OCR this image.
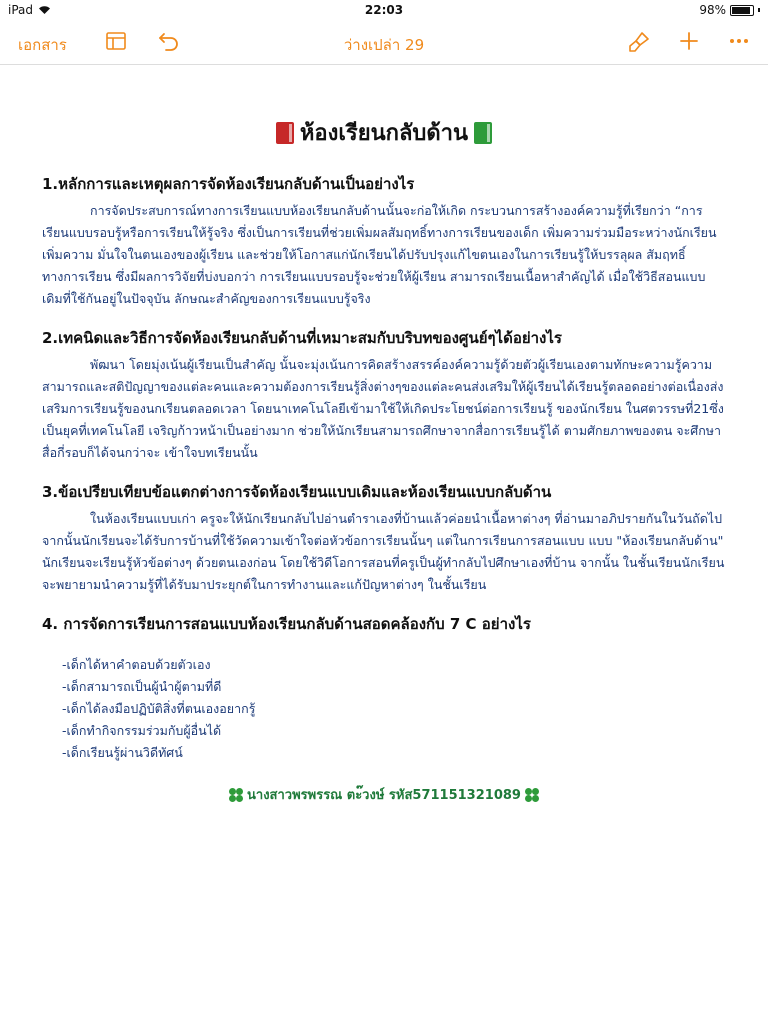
iPad	22:03	98%
เอกสาร	ว่างเปล่า 29
ห้องเรียนกลับด้าน
1.หลักการและเหตุผลการจัดห้องเรียนกลับด้านเป็นอย่างไร
การจัดประสบการณ์ทางการเรียนแบบห้องเรียนกลับด้านนั้นจะก่อให้เกิด กระบวนการสร้างองค์ความรู้ที่เรียกว่า “การเรียนแบบรอบรู้หรือการเรียนให้รู้จริง ซึ่งเป็นการเรียนที่ช่วยเพิ่มผลสัมฤทธิ์ทางการเรียนของเด็ก เพิ่มความร่วมมือระหว่างนักเรียน เพิ่มความ มั่นใจในตนเองของผู้เรียน และช่วยให้โอกาสแก่นักเรียนได้ปรับปรุงแก้ไขตนเองในการเรียนรู้ให้บรรลุผล สัมฤทธิ์ทางการเรียน ซึ่งมีผลการวิจัยที่บ่งบอกว่า การเรียนแบบรอบรู้จะช่วยให้ผู้เรียน สามารถเรียนเนื้อหาสำคัญได้ เมื่อใช้วิธีสอนแบบเดิมที่ใช้กันอยู่ในปัจจุบัน ลักษณะสำคัญของการเรียนแบบรู้จริง
2.เทคนิดและวิธีการจัดห้องเรียนกลับด้านที่เหมาะสมกับบริบทของศูนย์ๆได้อย่างไร
พัฒนา โดยมุ่งเน้นผู้เรียนเป็นสำคัญ นั้นจะมุ่งเน้นการคิดสร้างสรรค์องค์ความรู้ด้วยตัวผู้เรียนเองตามทักษะความรู้ความสามารถและสติปัญญาของแต่ละคนและความต้องการเรียนรู้สิ่งต่างๆของแต่ละคนส่งเสริมให้ผู้เรียนได้เรียนรู้ตลอดอย่างต่อเนื่องส่งเสริมการเรียนรู้ของนกเรียนตลอดเวลา โดยนาเทคโนโลยีเข้ามาใช้ให้เกิดประโยชน์ต่อการเรียนรู้ ของนักเรียน ในศตวรรษที่21ซึ่งเป็นยุคที่เทคโนโลยี เจริญก้าวหน้าเป็นอย่างมาก ช่วยให้นักเรียนสามารถศึกษาจากสื่อการเรียนรู้ได้ ตามศักยภาพของตน จะศึกษาสื่อกี่รอบก็ได้จนกว่าจะ เข้าใจบทเรียนนั้น
3.ข้อเปรียบเทียบข้อแตกต่างการจัดห้องเรียนแบบเดิมและห้องเรียนแบบกลับด้าน
ในห้องเรียนแบบเก่า ครูจะให้นักเรียนกลับไปอ่านตำราเองที่บ้านแล้วค่อยนำเนื้อหาต่างๆ ที่อ่านมาอภิปรายกันในวันถัดไป จากนั้นนักเรียนจะได้รับการบ้านที่ใช้วัดความเข้าใจต่อหัวข้อการเรียนนั้นๆ แต่ในการเรียนการสอนแบบ แบบ "ห้องเรียนกลับด้าน" นักเรียนจะเรียนรู้หัวข้อต่างๆ ด้วยตนเองก่อน โดยใช้วิดีโอการสอนที่ครูเป็นผู้ทำกลับไปศึกษาเองที่บ้าน จากนั้น ในชั้นเรียนนักเรียนจะพยายามนำความรู้ที่ได้รับมาประยุกต์ในการทำงานและแก้ปัญหาต่างๆ ในชั้นเรียน
4. การจัดการเรียนการสอนแบบห้องเรียนกลับด้านสอดคล้องกับ 7 C อย่างไร
-เด็กได้หาคำตอบด้วยตัวเอง
-เด็กสามารถเป็นผู้นำผู้ตามที่ดี
-เด็กได้ลงมือปฏิบัติสิ่งที่ตนเองอยากรู้
-เด็กทำกิจกรรมร่วมกับผู้อื่นได้
-เด็กเรียนรู้ผ่านวิดีทัศน์
นางสาวพรพรรณ ตะ๊วงษ์ รหัส571151321089
